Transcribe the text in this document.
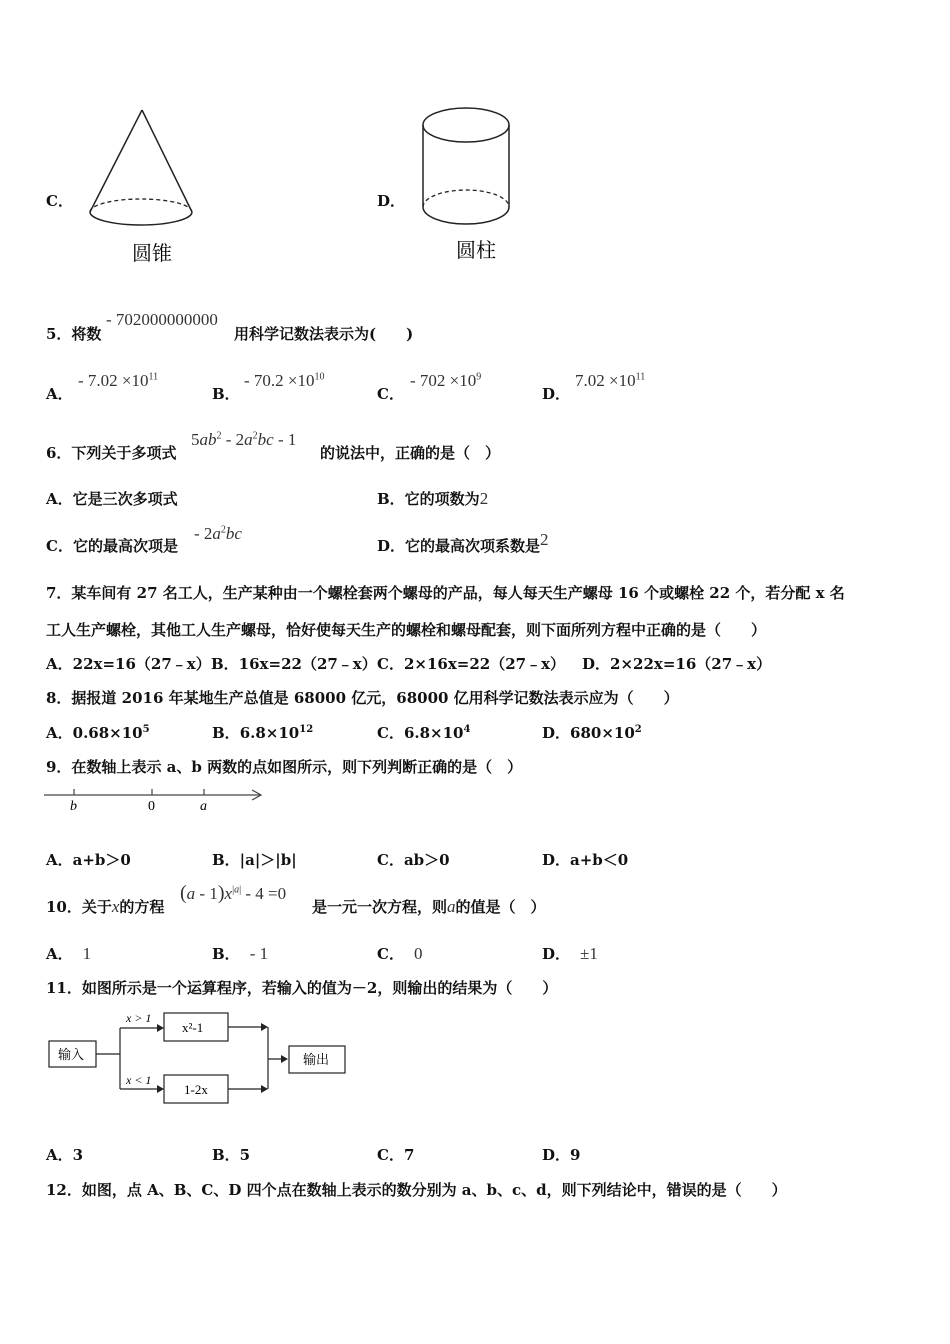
C．
圆锥
D．
圆柱
5．将数
- 702000000000
用科学记数法表示为(　　)
A．
- $7.02 \times 10^{11}$
B．
- $70.2 \times 10^{10}$
C．
- $702 \times 10^9$
D．
$7.02 \times 10^{11}$
6．下列关于多项式
$5ab^2 - 2a^2bc - 1$
的说法中，正确的是（　）
A．它是三次多项式	B．它的项数为2
C．它的最高次项是
- $2a^2bc$
D．它的最高次项系数是2
7．某车间有 27 名工人，生产某种由一个螺栓套两个螺母的产品，每人每天生产螺母 16 个或螺栓 22 个，若分配 x 名
工人生产螺栓，其他工人生产螺母，恰好使每天生产的螺栓和螺母配套，则下面所列方程中正确的是（　　）
A．22x=16（27﹣x） B．16x=22（27﹣x） C．2×16x=22（27﹣x） D．2×22x=16（27﹣x）
8．据报道 2016 年某地生产总值是 68000 亿元，68000 亿用科学记数法表示应为（　　）
A．$0.68\times 10^5$	B．$6.8\times 10^{12}$	C．$6.8\times 10^4$	D．$680\times 10^2$
9．在数轴上表示 a、b 两数的点如图所示，则下列判断正确的是（　）
b	0	a
A．a+b＞0	B．|a|＞|b|	C．ab＞0	D．a+b＜0
10．关于x的方程
$(a - 1)x^{|a|} - 4 =0$
是一元一次方程，则a的值是（　）
A． 1	B． - 1	C． 0	D． ±1
11．如图所示是一个运算程序，若输入的值为－2，则输出的结果为（　　）
输入
x > 1
x < 1
x²-1
1-2x
输出
A．3	B．5	C．7	D．9
12．如图，点 A、B、C、D 四个点在数轴上表示的数分别为 a、b、c、d，则下列结论中，错误的是（　　）
